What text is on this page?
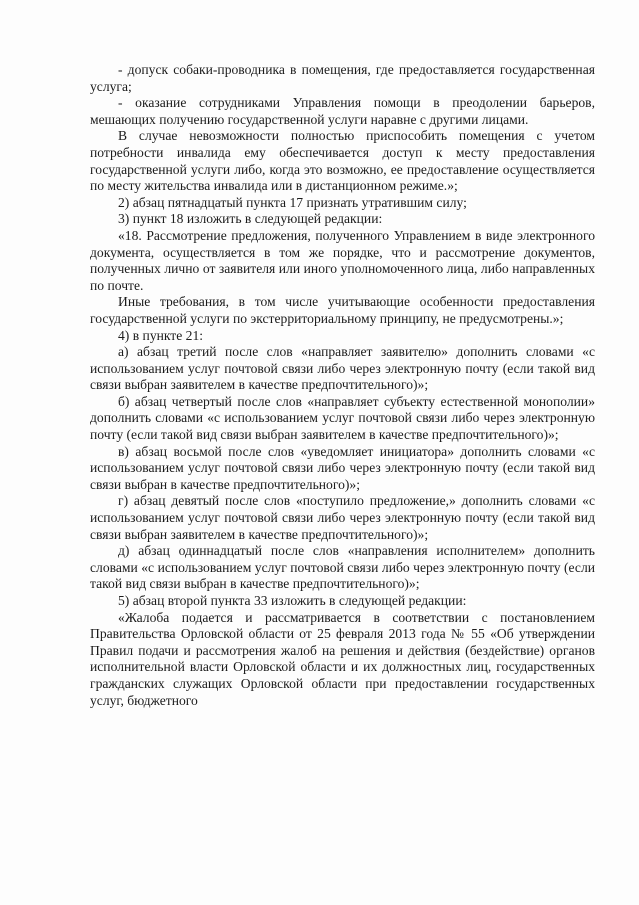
- допуск собаки-проводника в помещения, где предоставляется государственная услуга;

- оказание сотрудниками Управления помощи в преодолении барьеров, мешающих получению государственной услуги наравне с другими лицами.

В случае невозможности полностью приспособить помещения с учетом потребности инвалида ему обеспечивается доступ к месту предоставления государственной услуги либо, когда это возможно, ее предоставление осуществляется по месту жительства инвалида или в дистанционном режиме.»;

2) абзац пятнадцатый пункта 17 признать утратившим силу;

3) пункт 18 изложить в следующей редакции:

«18. Рассмотрение предложения, полученного Управлением в виде электронного документа, осуществляется в том же порядке, что и рассмотрение документов, полученных лично от заявителя или иного уполномоченного лица, либо направленных по почте.

Иные требования, в том числе учитывающие особенности предоставления государственной услуги по экстерриториальному принципу, не предусмотрены.»;

4) в пункте 21:

а) абзац третий после слов «направляет заявителю» дополнить словами «с использованием услуг почтовой связи либо через электронную почту (если такой вид связи выбран заявителем в качестве предпочтительного)»;

б) абзац четвертый после слов «направляет субъекту естественной монополии» дополнить словами «с использованием услуг почтовой связи либо через электронную почту (если такой вид связи выбран заявителем в качестве предпочтительного)»;

в) абзац восьмой после слов «уведомляет инициатора» дополнить словами «с использованием услуг почтовой связи либо через электронную почту (если такой вид связи выбран в качестве предпочтительного)»;

г) абзац девятый после слов «поступило предложение,» дополнить словами «с использованием услуг почтовой связи либо через электронную почту (если такой вид связи выбран заявителем в качестве предпочтительного)»;

д) абзац одиннадцатый после слов «направления исполнителем» дополнить словами «с использованием услуг почтовой связи либо через электронную почту (если такой вид связи выбран в качестве предпочтительного)»;

5) абзац второй пункта 33 изложить в следующей редакции:

«Жалоба подается и рассматривается в соответствии с постановлением Правительства Орловской области от 25 февраля 2013 года № 55 «Об утверждении Правил подачи и рассмотрения жалоб на решения и действия (бездействие) органов исполнительной власти Орловской области и их должностных лиц, государственных гражданских служащих Орловской области при предоставлении государственных услуг, бюджетного
